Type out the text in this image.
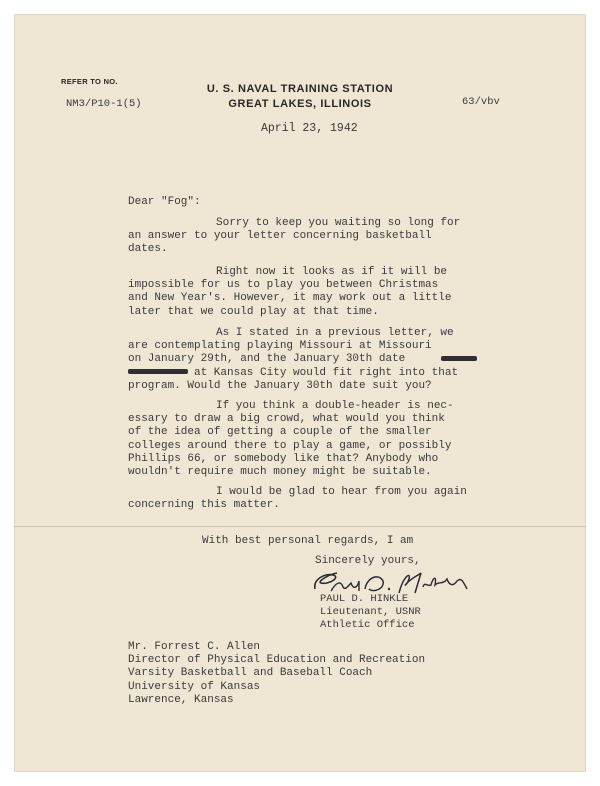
REFER TO NO.
U. S. NAVAL TRAINING STATION
GREAT LAKES, ILLINOIS
NM3/P10-1(5)	63/vbv
April 23, 1942
Dear "Fog":
Sorry to keep you waiting so long for
an answer to your letter concerning basketball
dates.
Right now it looks as if it will be
impossible for us to play you between Christmas
and New Year's. However, it may work out a little
later that we could play at that time.
As I stated in a previous letter, we
are contemplating playing Missouri at Missouri
on January 29th, and the January 30th date
at Kansas City would fit right into that
program. Would the January 30th date suit you?
If you think a double-header is nec-
essary to draw a big crowd, what would you think
of the idea of getting a couple of the smaller
colleges around there to play a game, or possibly
Phillips 66, or somebody like that? Anybody who
wouldn't require much money might be suitable.
I would be glad to hear from you again
concerning this matter.
With best personal regards, I am
Sincerely yours,
PAUL D. HINKLE
Lieutenant, USNR
Athletic Office
Mr. Forrest C. Allen
Director of Physical Education and Recreation
Varsity Basketball and Baseball Coach
University of Kansas
Lawrence, Kansas
